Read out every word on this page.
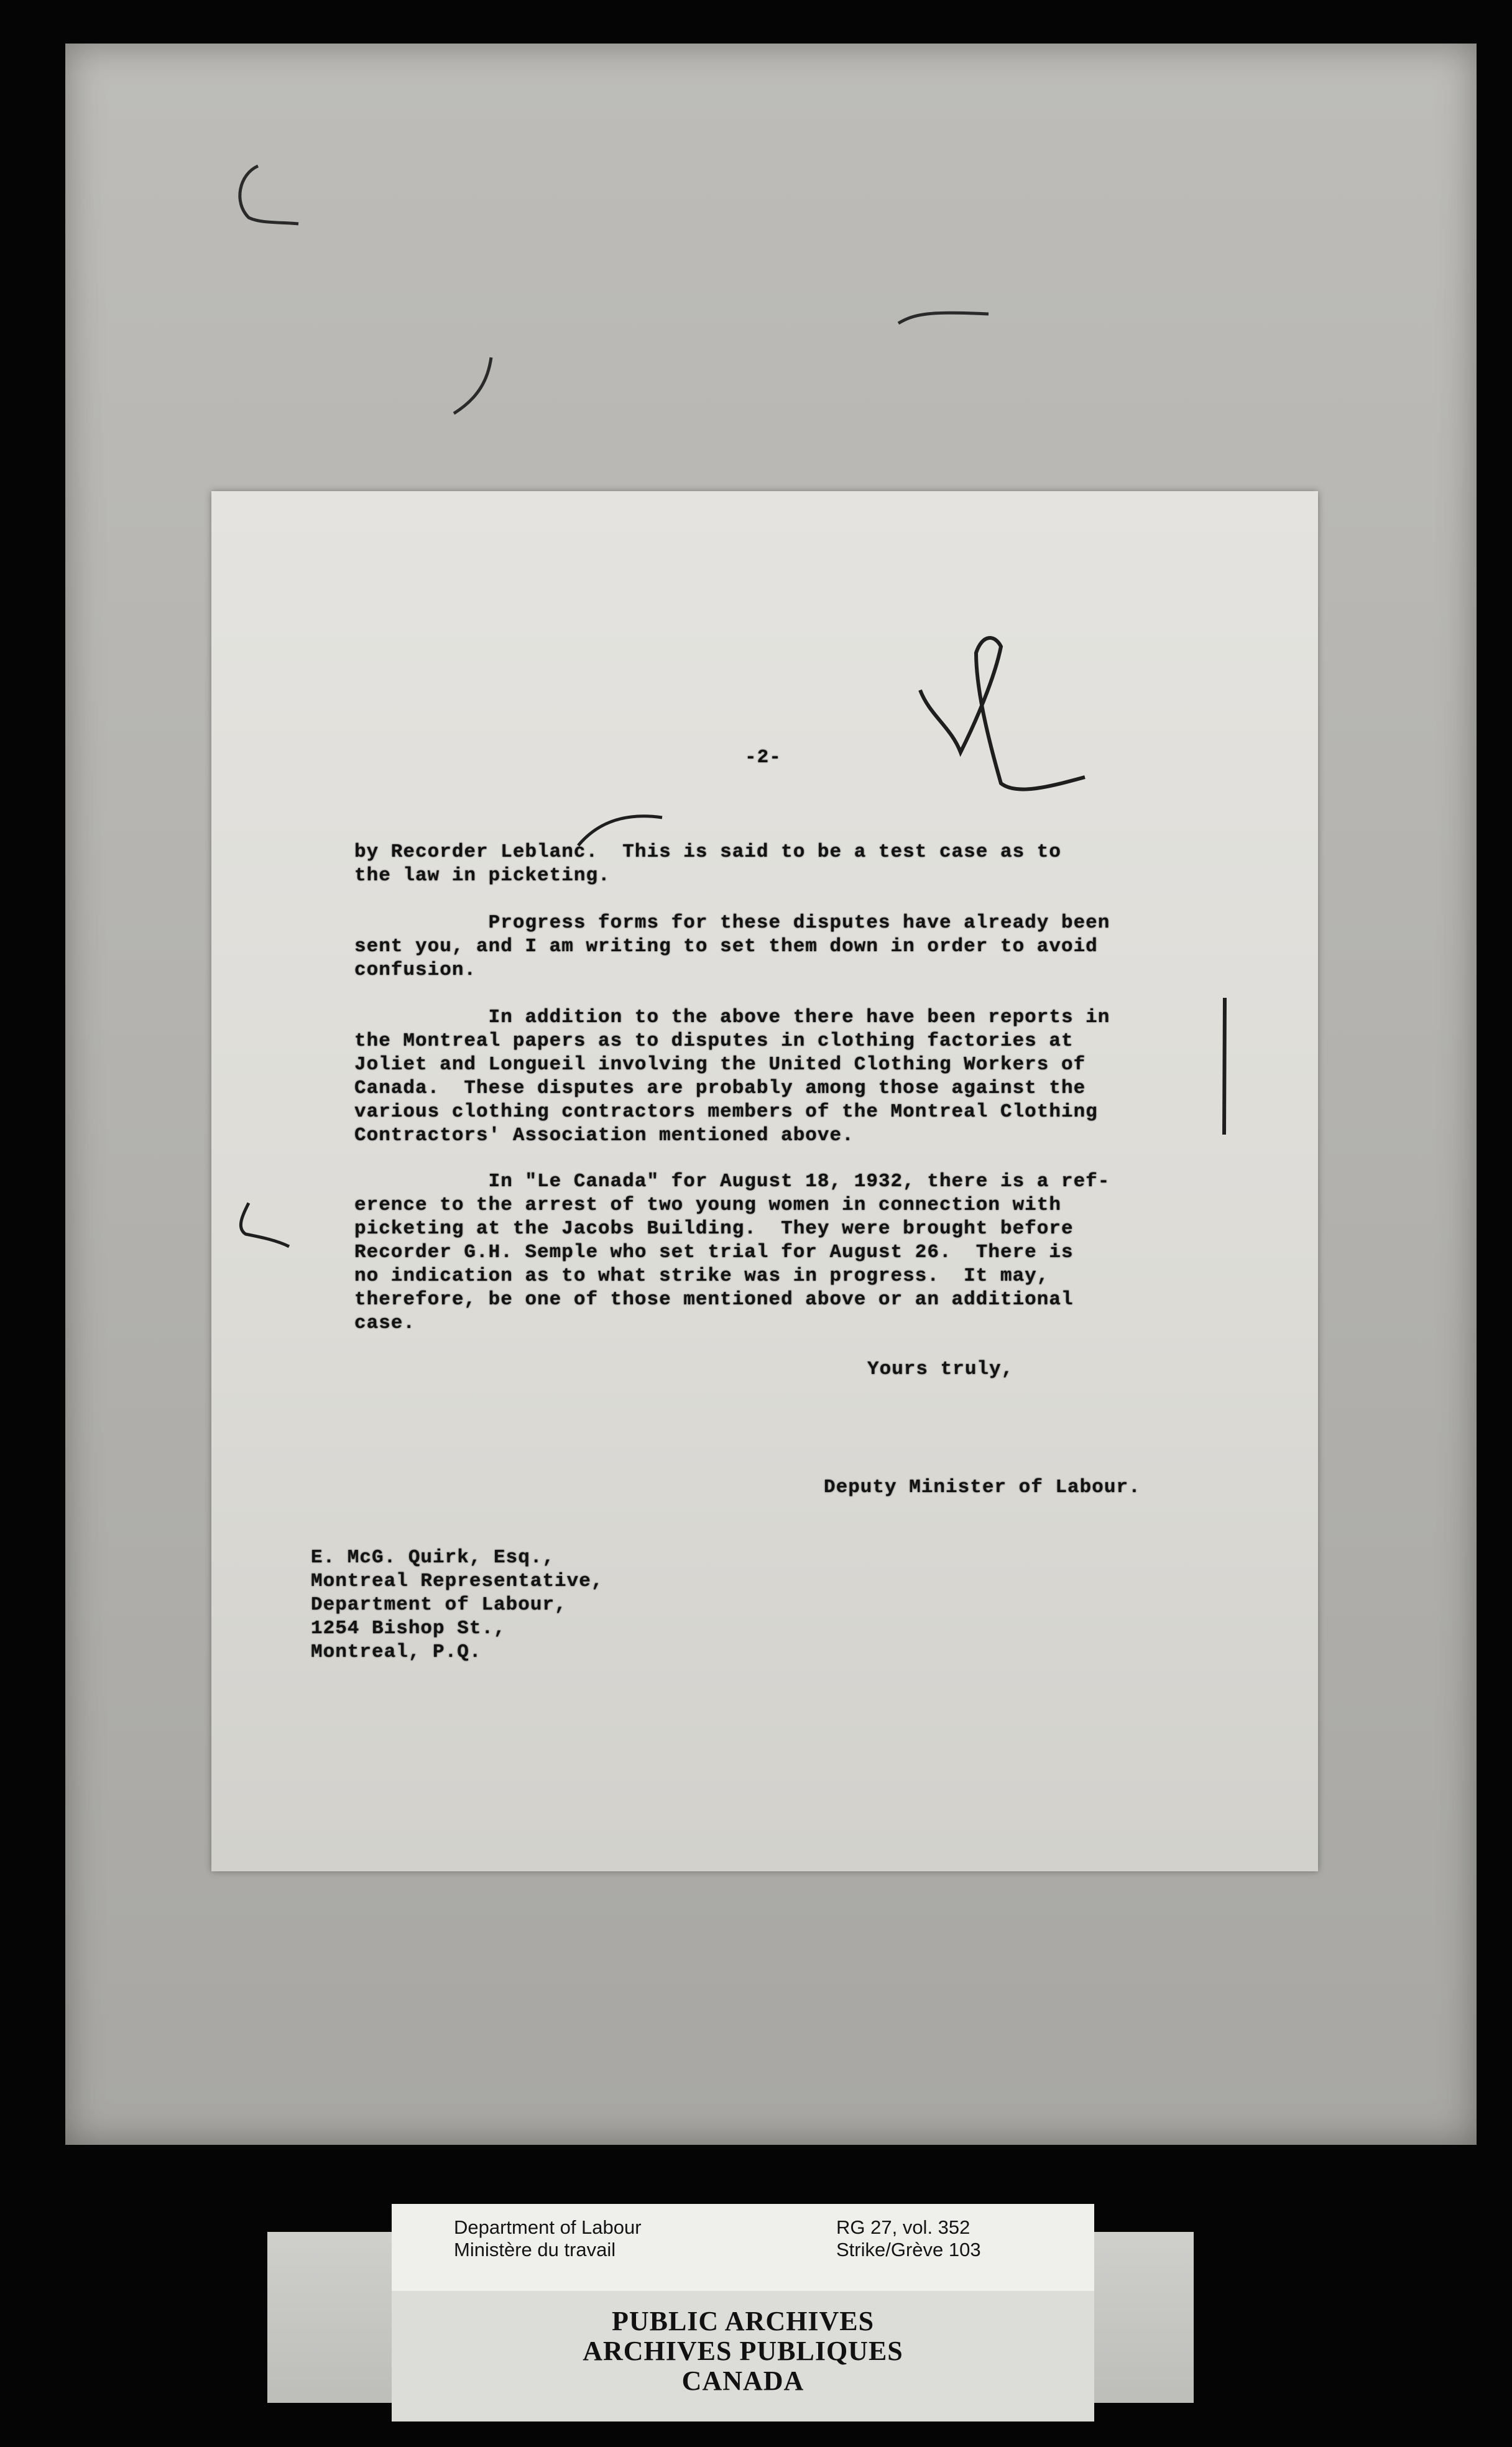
-2-
by Recorder Leblanc.  This is said to be a test case as to
the law in picketing.
Progress forms for these disputes have already been
sent you, and I am writing to set them down in order to avoid
confusion.
In addition to the above there have been reports in
the Montreal papers as to disputes in clothing factories at
Joliet and Longueil involving the United Clothing Workers of
Canada.  These disputes are probably among those against the
various clothing contractors members of the Montreal Clothing
Contractors' Association mentioned above.
In "Le Canada" for August 18, 1932, there is a ref-
erence to the arrest of two young women in connection with
picketing at the Jacobs Building.  They were brought before
Recorder G.H. Semple who set trial for August 26.  There is
no indication as to what strike was in progress.  It may,
therefore, be one of those mentioned above or an additional
case.
Yours truly,
Deputy Minister of Labour.
E. McG. Quirk, Esq.,
Montreal Representative,
Department of Labour,
1254 Bishop St.,
Montreal, P.Q.
PUBLIC ARCHIVES
ARCHIVES PUBLIQUES
CANADA
Department of Labour
Ministère du travail
RG 27, vol. 352
Strike/Grève 103
